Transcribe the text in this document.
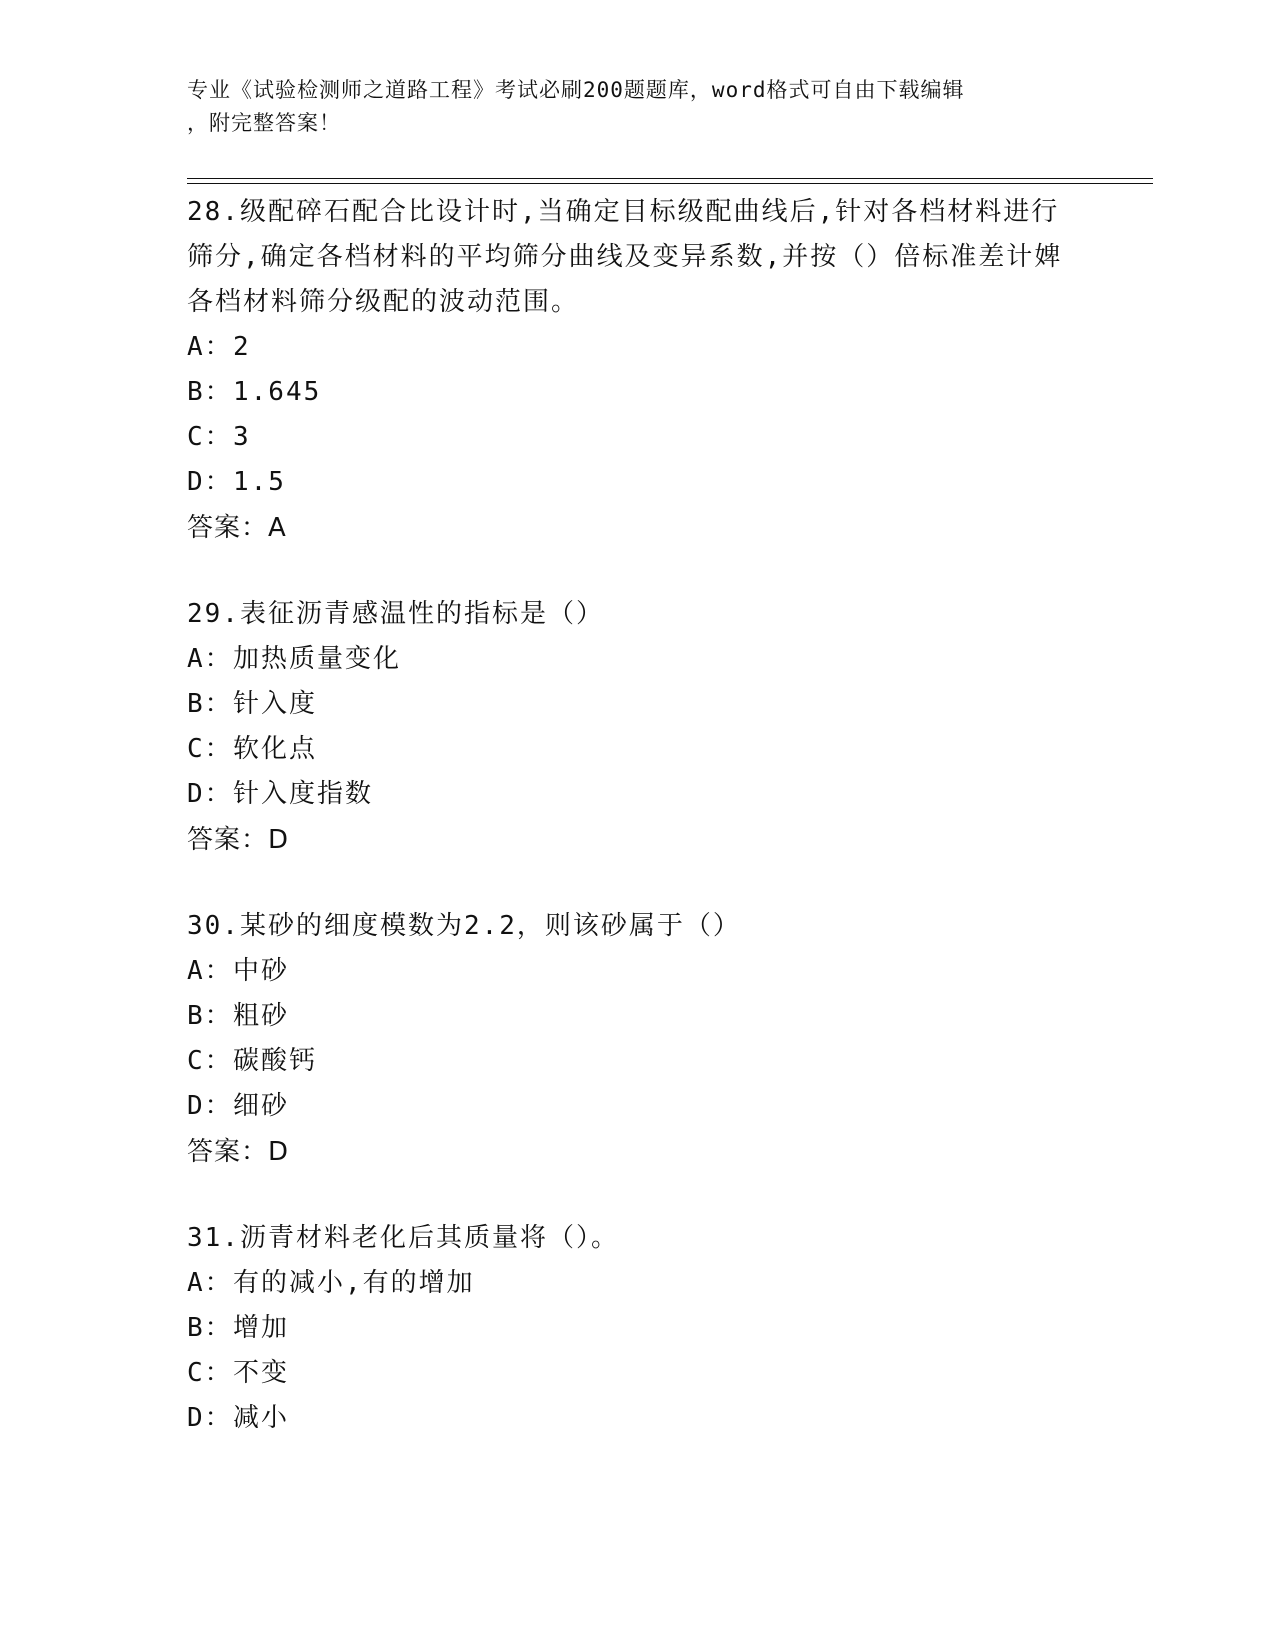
专业《试验检测师之道路工程》考试必刷200题题库，word格式可自由下载编辑
，附完整答案！

28.级配碎石配合比设计时,当确定目标级配曲线后,针对各档材料进行筛分,确定各档材料的平均筛分曲线及变异系数,并按（）倍标准差计婢各档材料筛分级配的波动范围。

A：2

B：1.645

C：3

D：1.5

答案：A

29.表征沥青感温性的指标是（）

A：加热质量变化

B：针入度

C：软化点

D：针入度指数

答案：D

30.某砂的细度模数为2.2，则该砂属于（）

A：中砂

B：粗砂

C：碳酸钙

D：细砂

答案：D

31.沥青材料老化后其质量将（）。

A：有的减小,有的增加

B：增加

C：不变

D：减小
